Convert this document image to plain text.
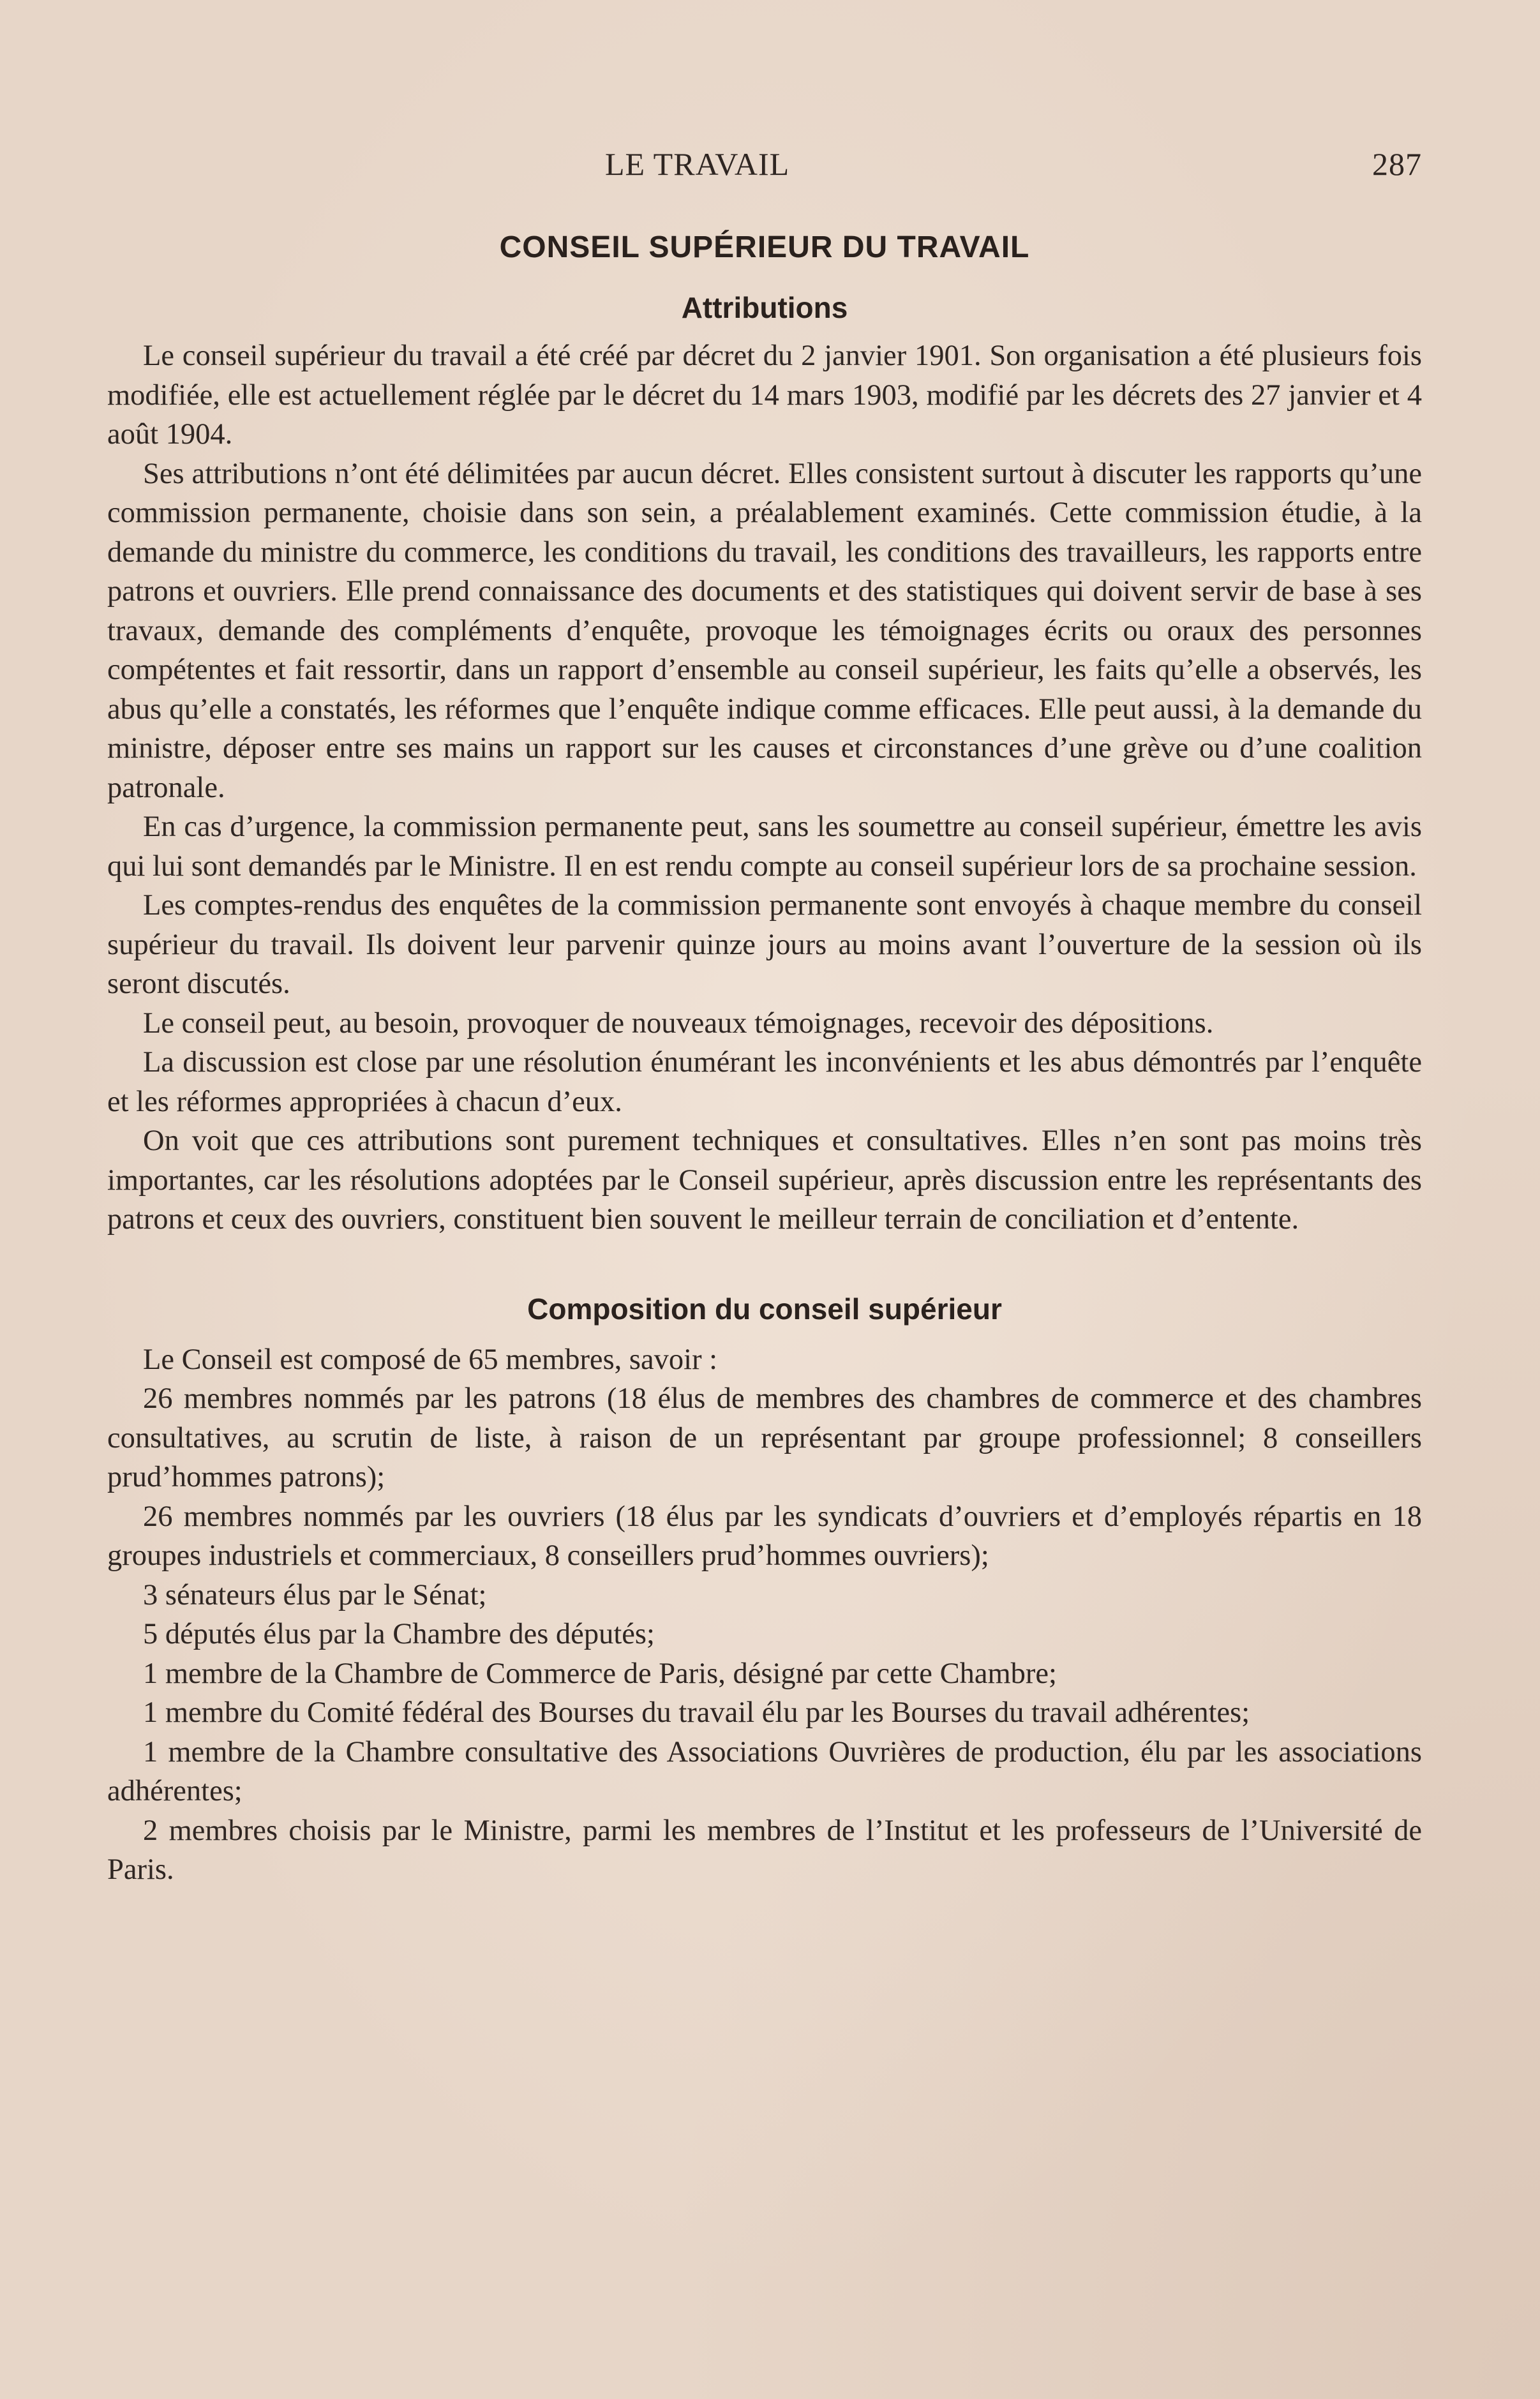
LE TRAVAIL	287
CONSEIL SUPÉRIEUR DU TRAVAIL
Attributions

Le conseil supérieur du travail a été créé par décret du 2 janvier 1901. Son organisation a été plusieurs fois modifiée, elle est actuellement réglée par le décret du 14 mars 1903, modifié par les décrets des 27 janvier et 4 août 1904.

Ses attributions n’ont été délimitées par aucun décret. Elles consistent surtout à discuter les rapports qu’une commission permanente, choisie dans son sein, a préalablement examinés. Cette commission étudie, à la demande du ministre du commerce, les conditions du travail, les conditions des travailleurs, les rapports entre patrons et ouvriers. Elle prend connaissance des documents et des statistiques qui doivent servir de base à ses travaux, demande des compléments d’enquête, provoque les témoignages écrits ou oraux des personnes compétentes et fait ressortir, dans un rapport d’ensemble au conseil supérieur, les faits qu’elle a observés, les abus qu’elle a constatés, les réformes que l’enquête indique comme efficaces. Elle peut aussi, à la demande du ministre, déposer entre ses mains un rapport sur les causes et circonstances d’une grève ou d’une coalition patronale.

En cas d’urgence, la commission permanente peut, sans les soumettre au conseil supérieur, émettre les avis qui lui sont demandés par le Ministre. Il en est rendu compte au conseil supérieur lors de sa prochaine session.

Les comptes-rendus des enquêtes de la commission permanente sont envoyés à chaque membre du conseil supérieur du travail. Ils doivent leur parvenir quinze jours au moins avant l’ouverture de la session où ils seront discutés.

Le conseil peut, au besoin, provoquer de nouveaux témoignages, recevoir des dépositions.

La discussion est close par une résolution énumérant les inconvénients et les abus démontrés par l’enquête et les réformes appropriées à chacun d’eux.

On voit que ces attributions sont purement techniques et consultatives. Elles n’en sont pas moins très importantes, car les résolutions adoptées par le Conseil supérieur, après discussion entre les représentants des patrons et ceux des ouvriers, constituent bien souvent le meilleur terrain de conciliation et d’entente.

Composition du conseil supérieur

Le Conseil est composé de 65 membres, savoir :

26 membres nommés par les patrons (18 élus de membres des chambres de commerce et des chambres consultatives, au scrutin de liste, à raison de un représentant par groupe professionnel; 8 conseillers prud’hommes patrons);

26 membres nommés par les ouvriers (18 élus par les syndicats d’ouvriers et d’employés répartis en 18 groupes industriels et commerciaux, 8 conseillers prud’hommes ouvriers);

3 sénateurs élus par le Sénat;

5 députés élus par la Chambre des députés;

1 membre de la Chambre de Commerce de Paris, désigné par cette Chambre;

1 membre du Comité fédéral des Bourses du travail élu par les Bourses du travail adhérentes;

1 membre de la Chambre consultative des Associations Ouvrières de production, élu par les associations adhérentes;

2 membres choisis par le Ministre, parmi les membres de l’Institut et les professeurs de l’Université de Paris.
